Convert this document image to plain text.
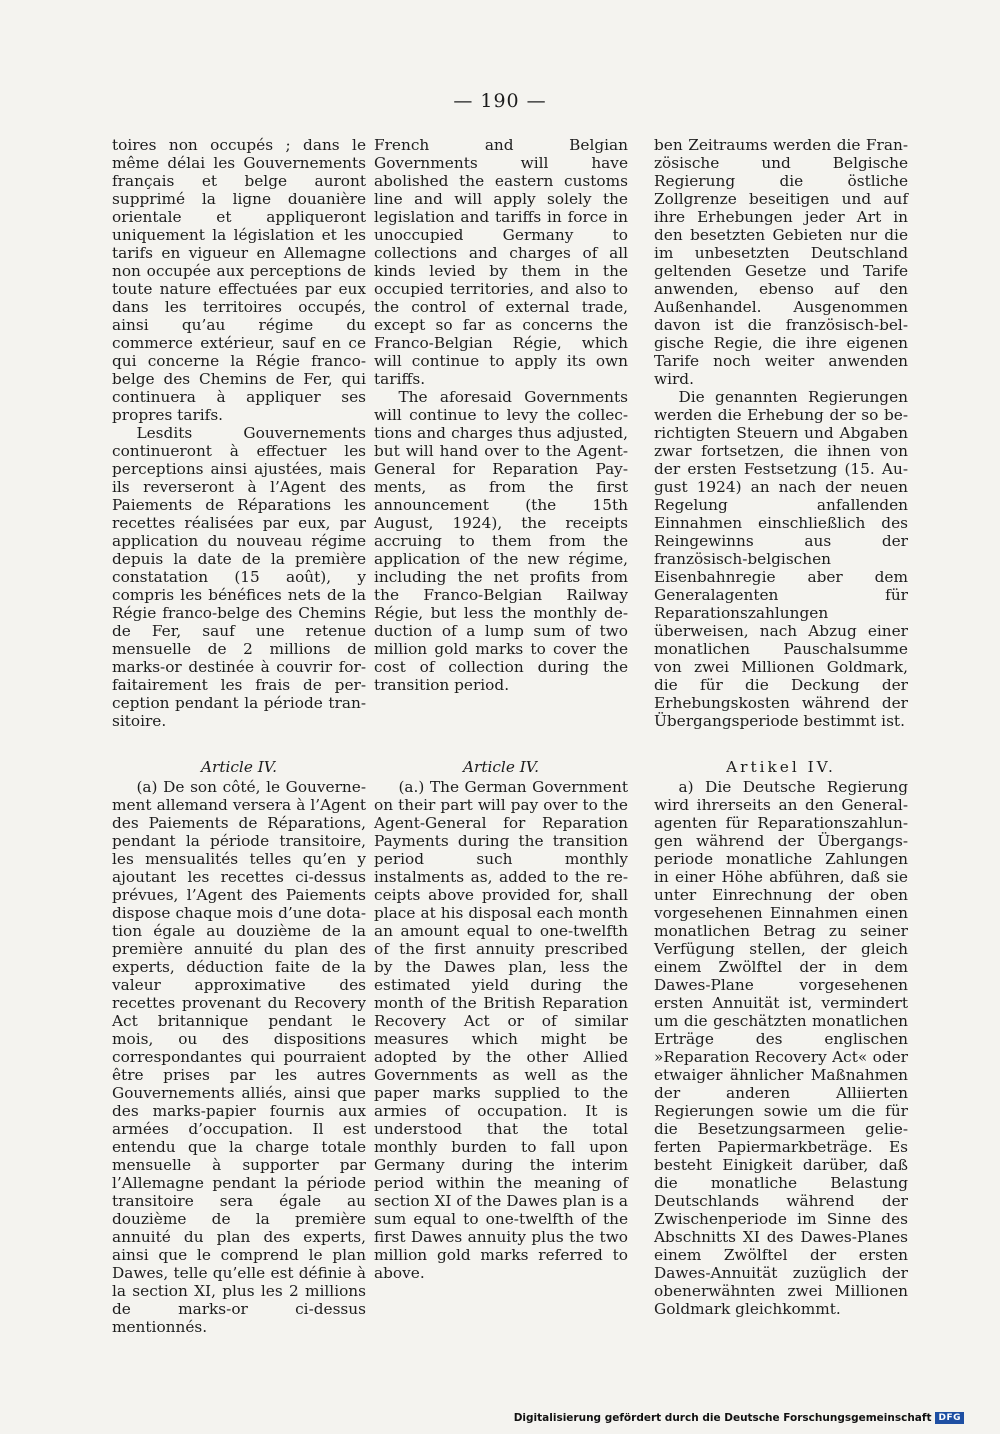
— 190 —

toires non occupés ; dans le même délai les Gouvernements français et belge auront supprimé la ligne douanière orientale et appliqueront uniquement la législation et les tarifs en vigueur en Allemagne non occupée aux perceptions de toute nature effectuées par eux dans les territoires occupés, ainsi qu’au régime du commerce extérieur, sauf en ce qui concerne la Régie franco-belge des Chemins de Fer, qui continuera à appliquer ses propres tarifs.

Lesdits Gouvernements continueront à effectuer les perceptions ainsi ajustées, mais ils reverseront à l’Agent des Paiements de Réparations les recettes réalisées par eux, par application du nouveau régime depuis la date de la première constatation (15 août), y compris les bénéfices nets de la Régie franco-belge des Chemins de Fer, sauf une retenue mensuelle de 2 millions de marks-or destinée à couvrir forfaitairement les frais de perception pendant la période transitoire.

French and Belgian Governments will have abolished the eastern customs line and will apply solely the legislation and tariffs in force in unoccupied Germany to collections and charges of all kinds levied by them in the occupied territories, and also to the control of external trade, except so far as concerns the Franco-Belgian Régie, which will continue to apply its own tariffs.

The aforesaid Governments will continue to levy the collections and charges thus adjusted, but will hand over to the Agent-General for Reparation Payments, as from the first announcement (the 15th August, 1924), the receipts accruing to them from the application of the new régime, including the net profits from the Franco-Belgian Railway Régie, but less the monthly deduction of a lump sum of two million gold marks to cover the cost of collection during the transition period.

ben Zeitraums werden die Französische und Belgische Regierung die östliche Zollgrenze beseitigen und auf ihre Erhebungen jeder Art in den besetzten Gebieten nur die im unbesetzten Deutschland geltenden Gesetze und Tarife anwenden, ebenso auf den Außenhandel. Ausgenommen davon ist die französisch-belgische Regie, die ihre eigenen Tarife noch weiter anwenden wird.

Die genannten Regierungen werden die Erhebung der so berichtigten Steuern und Abgaben zwar fortsetzen, die ihnen von der ersten Festsetzung (15. August 1924) an nach der neuen Regelung anfallenden Einnahmen einschließlich des Reingewinns aus der französisch-belgischen Eisenbahnregie aber dem Generalagenten für Reparationszahlungen überweisen, nach Abzug einer monatlichen Pauschalsumme von zwei Millionen Goldmark, die für die Deckung der Erhebungskosten während der Übergangsperiode bestimmt ist.

Article IV.	Article IV.	Artikel IV.

(a) De son côté, le Gouvernement allemand versera à l’Agent des Paiements de Réparations, pendant la période transitoire, les mensualités telles qu’en y ajoutant les recettes ci-dessus prévues, l’Agent des Paiements dispose chaque mois d’une dotation égale au douzième de la première annuité du plan des experts, déduction faite de la valeur approximative des recettes provenant du Recovery Act britannique pendant le mois, ou des dispositions correspondantes qui pourraient être prises par les autres Gouvernements alliés, ainsi que des marks-papier fournis aux armées d’occupation. Il est entendu que la charge totale mensuelle à supporter par l’Allemagne pendant la période transitoire sera égale au douzième de la première annuité du plan des experts, ainsi que le comprend le plan Dawes, telle qu’elle est définie à la section XI, plus les 2 millions de marks-or ci-dessus mentionnés.

(a.) The German Government on their part will pay over to the Agent-General for Reparation Payments during the transition period such monthly instalments as, added to the receipts above provided for, shall place at his disposal each month an amount equal to one-twelfth of the first annuity prescribed by the Dawes plan, less the estimated yield during the month of the British Reparation Recovery Act or of similar measures which might be adopted by the other Allied Governments as well as the paper marks supplied to the armies of occupation. It is understood that the total monthly burden to fall upon Germany during the interim period within the meaning of section XI of the Dawes plan is a sum equal to one-twelfth of the first Dawes annuity plus the two million gold marks referred to above.

a) Die Deutsche Regierung wird ihrerseits an den Generalagenten für Reparationszahlungen während der Übergangsperiode monatliche Zahlungen in einer Höhe abführen, daß sie unter Einrechnung der oben vorgesehenen Einnahmen einen monatlichen Betrag zu seiner Verfügung stellen, der gleich einem Zwölftel der in dem Dawes-Plane vorgesehenen ersten Annuität ist, vermindert um die geschätzten monatlichen Erträge des englischen »Reparation Recovery Act« oder etwaiger ähnlicher Maßnahmen der anderen Alliierten Regierungen sowie um die für die Besetzungsarmeen gelieferten Papiermarkbeträge. Es besteht Einigkeit darüber, daß die monatliche Belastung Deutschlands während der Zwischenperiode im Sinne des Abschnitts XI des Dawes-Planes einem Zwölftel der ersten Dawes-Annuität zuzüglich der obenerwähnten zwei Millionen Goldmark gleichkommt.

Digitalisierung gefördert durch die Deutsche Forschungsgemeinschaft DFG
